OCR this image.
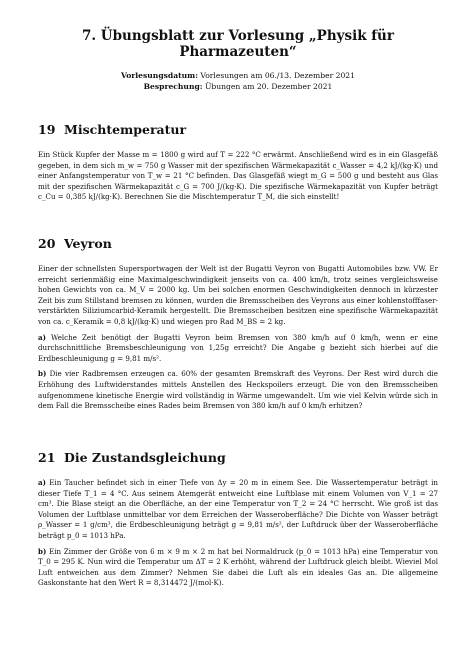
7. Übungsblatt zur Vorlesung „Physik für Pharmazeuten“
Vorlesungsdatum: Vorlesungen am 06./13. Dezember 2021
Besprechung: Übungen am 20. Dezember 2021
19 Mischtemperatur

Ein Stück Kupfer der Masse m = 1800 g wird auf T = 222 °C erwärmt. Anschließend wird es in ein Glasgefäß gegeben, in dem sich m_w = 750 g Wasser mit der spezifischen Wärmekapazität c_Wasser = 4,2 kJ/(kg·K) und einer Anfangstemperatur von T_w = 21 °C befinden. Das Glasgefäß wiegt m_G = 500 g und besteht aus Glas mit der spezifischen Wärmekapazität c_G = 700 J/(kg·K). Die spezifische Wärmekapazität von Kupfer beträgt c_Cu = 0,385 kJ/(kg·K). Berechnen Sie die Mischtemperatur T_M, die sich einstellt!

20 Veyron

Einer der schnellsten Supersportwagen der Welt ist der Bugatti Veyron von Bugatti Automobiles bzw. VW. Er erreicht serienmäßig eine Maximalgeschwindigkeit jenseits von ca. 400 km/h, trotz seines vergleichsweise hohen Gewichts von ca. M_V = 2000 kg. Um bei solchen enormen Geschwindigkeiten dennoch in kürzester Zeit bis zum Stillstand bremsen zu können, wurden die Bremsscheiben des Veyrons aus einer kohlenstofffaser-verstärkten Siliziumcarbid-Keramik hergestellt. Die Bremsscheiben besitzen eine spezifische Wärmekapazität von ca. c_Keramik = 0,8 kJ/(kg·K) und wiegen pro Rad M_BS = 2 kg.

a) Welche Zeit benötigt der Bugatti Veyron beim Bremsen von 380 km/h auf 0 km/h, wenn er eine durchschnittliche Bremsbeschleunigung von 1,25g erreicht? Die Angabe g bezieht sich hierbei auf die Erdbeschleunigung g = 9,81 m/s².

b) Die vier Radbremsen erzeugen ca. 60% der gesamten Bremskraft des Veyrons. Der Rest wird durch die Erhöhung des Luftwiderstandes mittels Anstellen des Heckspoilers erzeugt. Die von den Bremsscheiben aufgenommene kinetische Energie wird vollständig in Wärme umgewandelt. Um wie viel Kelvin würde sich in dem Fall die Bremsscheibe eines Rades beim Bremsen von 380 km/h auf 0 km/h erhitzen?

21 Die Zustandsgleichung

a) Ein Taucher befindet sich in einer Tiefe von Δy = 20 m in einem See. Die Wassertemperatur beträgt in dieser Tiefe T_1 = 4 °C. Aus seinem Atemgerät entweicht eine Luftblase mit einem Volumen von V_1 = 27 cm³. Die Blase steigt an die Oberfläche, an der eine Temperatur von T_2 = 24 °C herrscht. Wie groß ist das Volumen der Luftblase unmittelbar vor dem Erreichen der Wasseroberfläche? Die Dichte von Wasser beträgt ρ_Wasser = 1 g/cm³, die Erdbeschleunigung beträgt g = 9,81 m/s², der Luftdruck über der Wasseroberfläche beträgt p_0 = 1013 hPa.

b) Ein Zimmer der Größe von 6 m × 9 m × 2 m hat bei Normaldruck (p_0 = 1013 hPa) eine Temperatur von T_0 = 295 K. Nun wird die Temperatur um ΔT = 2 K erhöht, während der Luftdruck gleich bleibt. Wieviel Mol Luft entweichen aus dem Zimmer? Nehmen Sie dabei die Luft als ein ideales Gas an. Die allgemeine Gaskonstante hat den Wert R = 8,314472 J/(mol·K).
